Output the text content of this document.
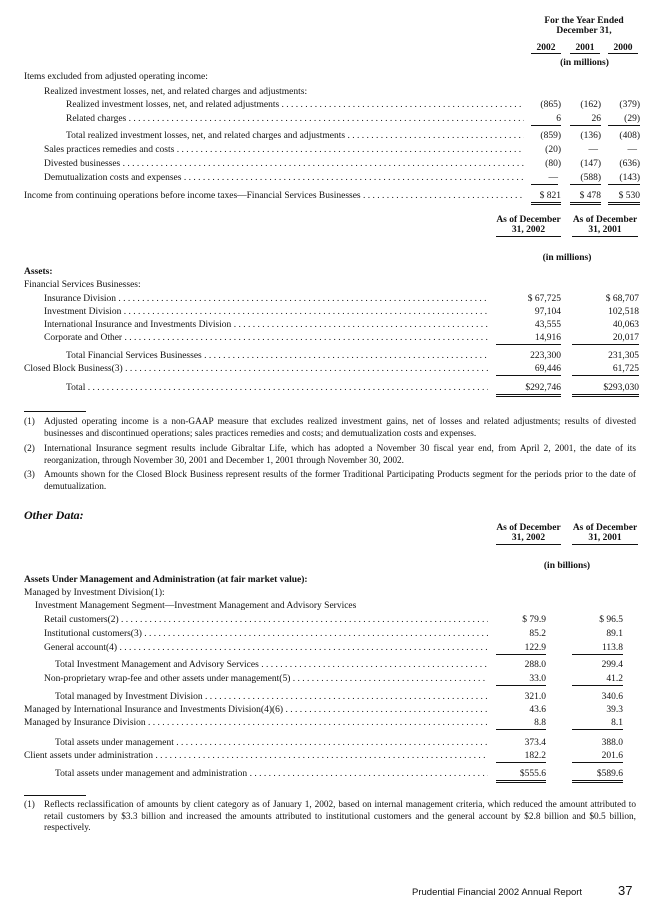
For the Year Ended December 31,
2002	2001	2000
(in millions)
Items excluded from adjusted operating income:
Realized investment losses, net, and related charges and adjustments:
Realized investment losses, net, and related adjustments . . .	(865)	(162)	(379)
Related charges . . .	6	26	(29)
Total realized investment losses, net, and related charges and adjustments . . .	(859)	(136)	(408)
Sales practices remedies and costs . . .	(20)	—	—
Divested businesses . . .	(80)	(147)	(636)
Demutualization costs and expenses . . .	—	(588)	(143)
Income from continuing operations before income taxes—Financial Services Businesses . . .	$ 821	$ 478	$ 530
As of December 31, 2002
As of December 31, 2001
(in millions)
Assets:
Financial Services Businesses:
Insurance Division . . .	$ 67,725	$ 68,707
Investment Division . . .	97,104	102,518
International Insurance and Investments Division . . .	43,555	40,063
Corporate and Other . . .	14,916	20,017
Total Financial Services Businesses . . .	223,300	231,305
Closed Block Business(3) . . .	69,446	61,725
Total . . .	$292,746	$293,030
(1) Adjusted operating income is a non-GAAP measure that excludes realized investment gains, net of losses and related adjustments; results of divested businesses and discontinued operations; sales practices remedies and costs; and demutualization costs and expenses.
(2) International Insurance segment results include Gibraltar Life, which has adopted a November 30 fiscal year end, from April 2, 2001, the date of its reorganization, through November 30, 2001 and December 1, 2001 through November 30, 2002.
(3) Amounts shown for the Closed Block Business represent results of the former Traditional Participating Products segment for the periods prior to the date of demutualization.
Other Data:
As of December 31, 2002
As of December 31, 2001
(in billions)
Assets Under Management and Administration (at fair market value):
Managed by Investment Division(1):
Investment Management Segment—Investment Management and Advisory Services
Retail customers(2) . . .	$ 79.9	$ 96.5
Institutional customers(3) . . .	85.2	89.1
General account(4) . . .	122.9	113.8
Total Investment Management and Advisory Services . . .	288.0	299.4
Non-proprietary wrap-fee and other assets under management(5) . . .	33.0	41.2
Total managed by Investment Division . . .	321.0	340.6
Managed by International Insurance and Investments Division(4)(6) . . .	43.6	39.3
Managed by Insurance Division . . .	8.8	8.1
Total assets under management . . .	373.4	388.0
Client assets under administration . . .	182.2	201.6
Total assets under management and administration . . .	$555.6	$589.6
(1) Reflects reclassification of amounts by client category as of January 1, 2002, based on internal management criteria, which reduced the amount attributed to retail customers by $3.3 billion and increased the amounts attributed to institutional customers and the general account by $2.8 billion and $0.5 billion, respectively.
Prudential Financial 2002 Annual Report	37
